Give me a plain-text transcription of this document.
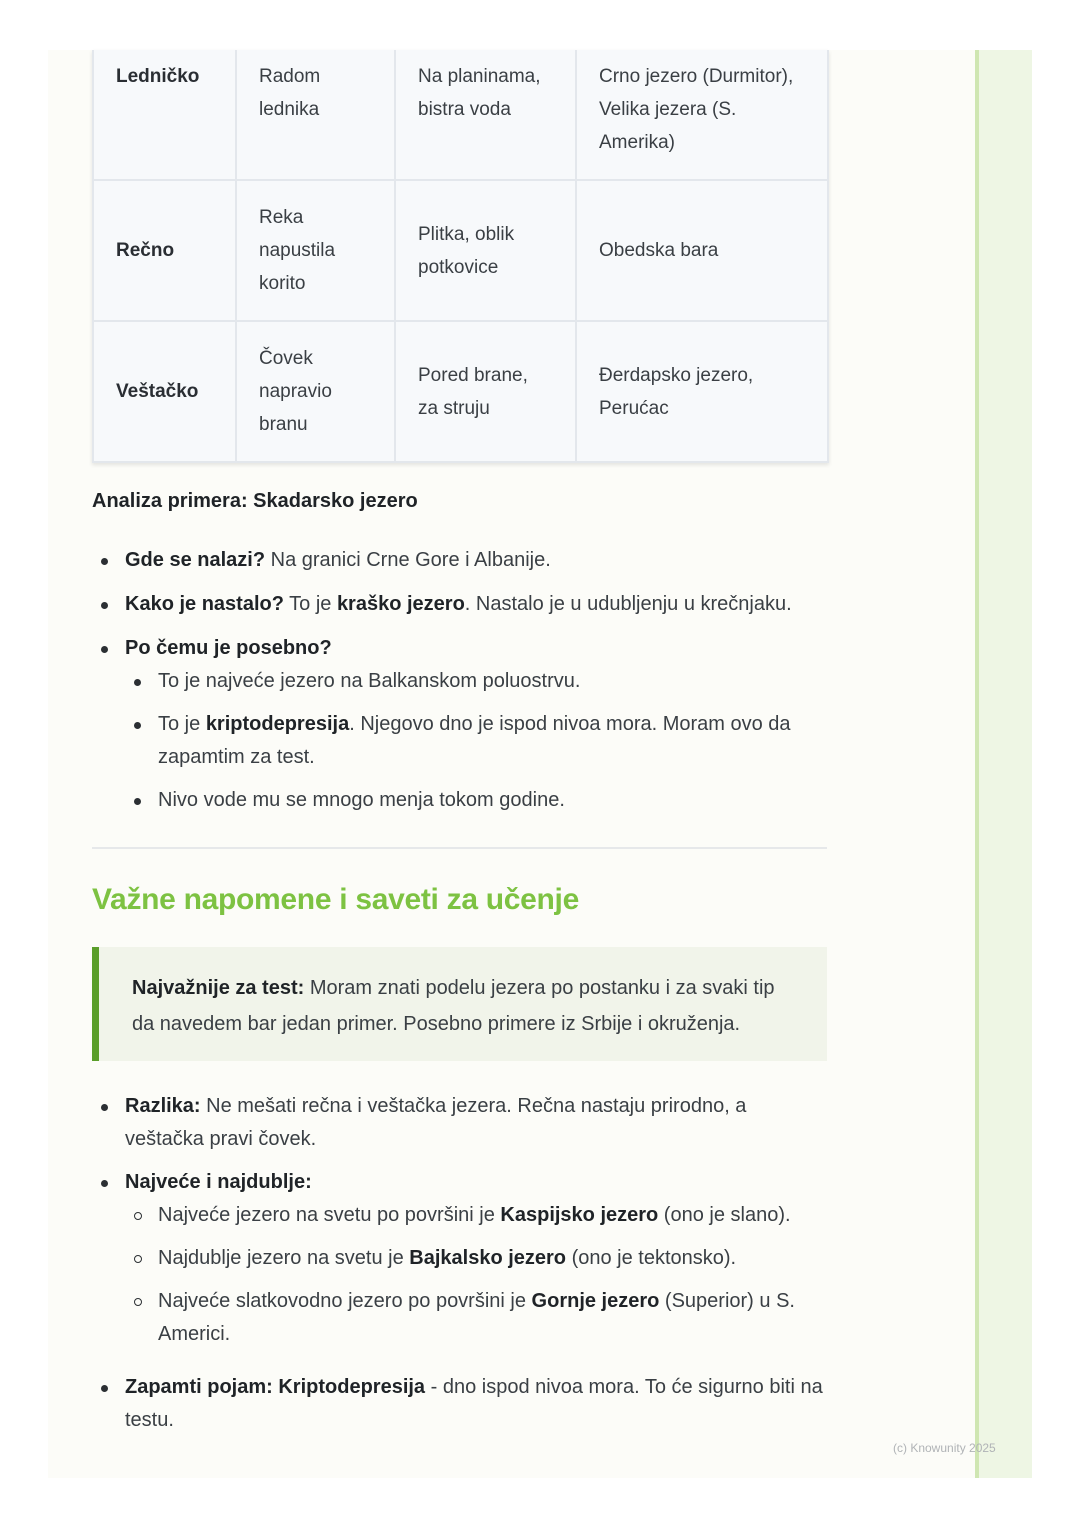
Ledničko	Radom lednika	Na planinama, bistra voda	Crno jezero (Durmitor), Velika jezera (S. Amerika)
Rečno	Reka napustila korito	Plitka, oblik potkovice	Obedska bara
Veštačko	Čovek napravio branu	Pored brane, za struju	Đerdapsko jezero, Perućac
Analiza primera: Skadarsko jezero
Gde se nalazi? Na granici Crne Gore i Albanije.
Kako je nastalo? To je kraško jezero. Nastalo je u udubljenju u krečnjaku.
Po čemu je posebno?
To je najveće jezero na Balkanskom poluostrvu.
To je kriptodepresija. Njegovo dno je ispod nivoa mora. Moram ovo da zapamtim za test.
Nivo vode mu se mnogo menja tokom godine.
Važne napomene i saveti za učenje
Najvažnije za test: Moram znati podelu jezera po postanku i za svaki tip da navedem bar jedan primer. Posebno primere iz Srbije i okruženja.
Razlika: Ne mešati rečna i veštačka jezera. Rečna nastaju prirodno, a veštačka pravi čovek.
Najveće i najdublje:
Najveće jezero na svetu po površini je Kaspijsko jezero (ono je slano).
Najdublje jezero na svetu je Bajkalsko jezero (ono je tektonsko).
Najveće slatkovodno jezero po površini je Gornje jezero (Superior) u S. Americi.
Zapamti pojam: Kriptodepresija - dno ispod nivoa mora. To će sigurno biti na testu.
(c) Knowunity 2025
